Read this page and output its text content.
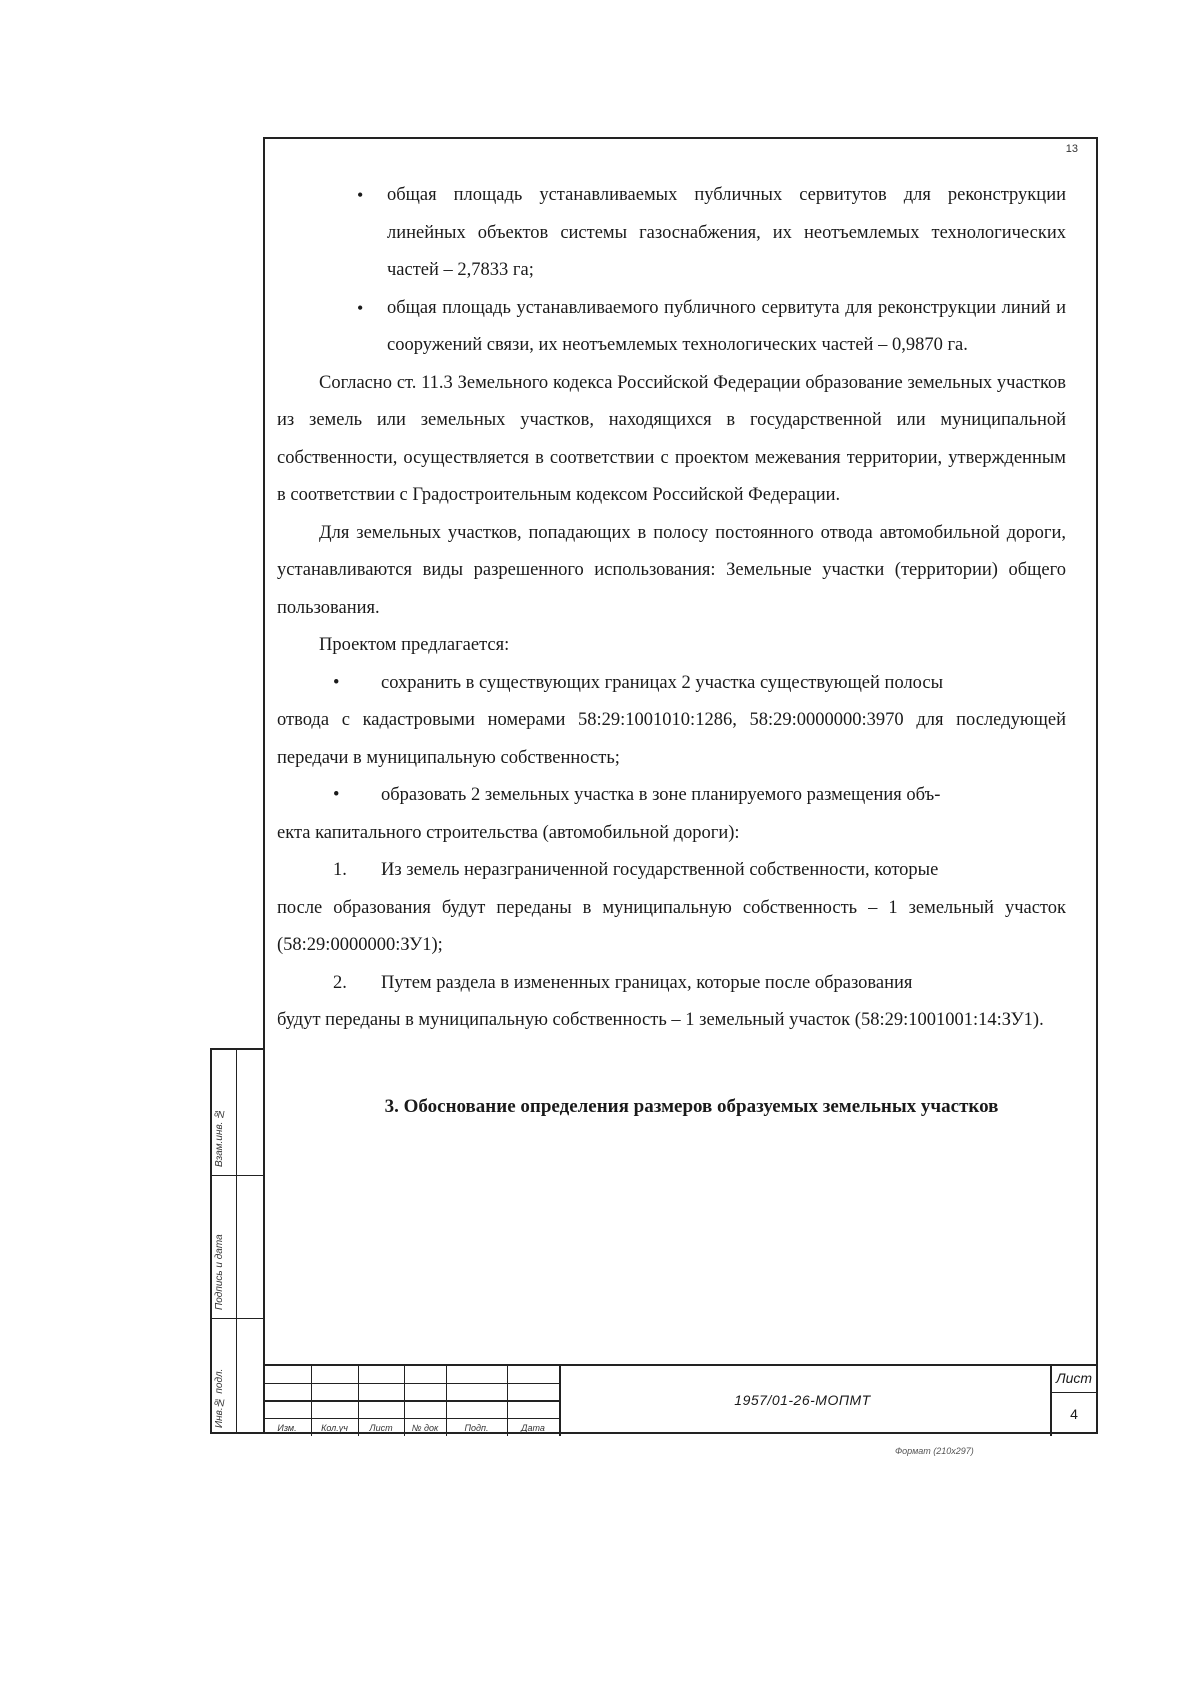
13
•	общая площадь устанавливаемых публичных сервитутов для реконструкции линейных объектов системы газоснабжения, их неотъемлемых технологических частей – 2,7833 га;
•	общая площадь устанавливаемого публичного сервитута для реконструкции линий и сооружений связи, их неотъемлемых технологических частей – 0,9870 га.

Согласно ст. 11.3 Земельного кодекса Российской Федерации образование земельных участков из земель или земельных участков, находящихся в государственной или муниципальной собственности, осуществляется в соответствии с проектом межевания территории, утвержденным в соответствии с Градостроительным кодексом Российской Федерации.

Для земельных участков, попадающих в полосу постоянного отвода автомобильной дороги, устанавливаются виды разрешенного использования: Земельные участки (территории) общего пользования.

Проектом предлагается:

•	сохранить в существующих границах 2 участка существующей полосы

отвода с кадастровыми номерами 58:29:1001010:1286, 58:29:0000000:3970 для последующей передачи в муниципальную собственность;

•	образовать 2 земельных участка в зоне планируемого размещения объ-

екта капитального строительства (автомобильной дороги):

1.	Из земель неразграниченной государственной собственности, которые

после образования будут переданы в муниципальную собственность – 1 земельный участок (58:29:0000000:ЗУ1);

2.	Путем раздела в измененных границах, которые после образования

будут переданы в муниципальную собственность – 1 земельный участок (58:29:1001001:14:ЗУ1).

3. Обоснование определения размеров образуемых земельных участков
Взам.инв. №
Подпись и дата
Инв.№ подл.	Изм.	Кол.уч	Лист	№ док	Подп.	Дата
1957/01-26-МОПМТ
Лист
4
Формат (210х297)
